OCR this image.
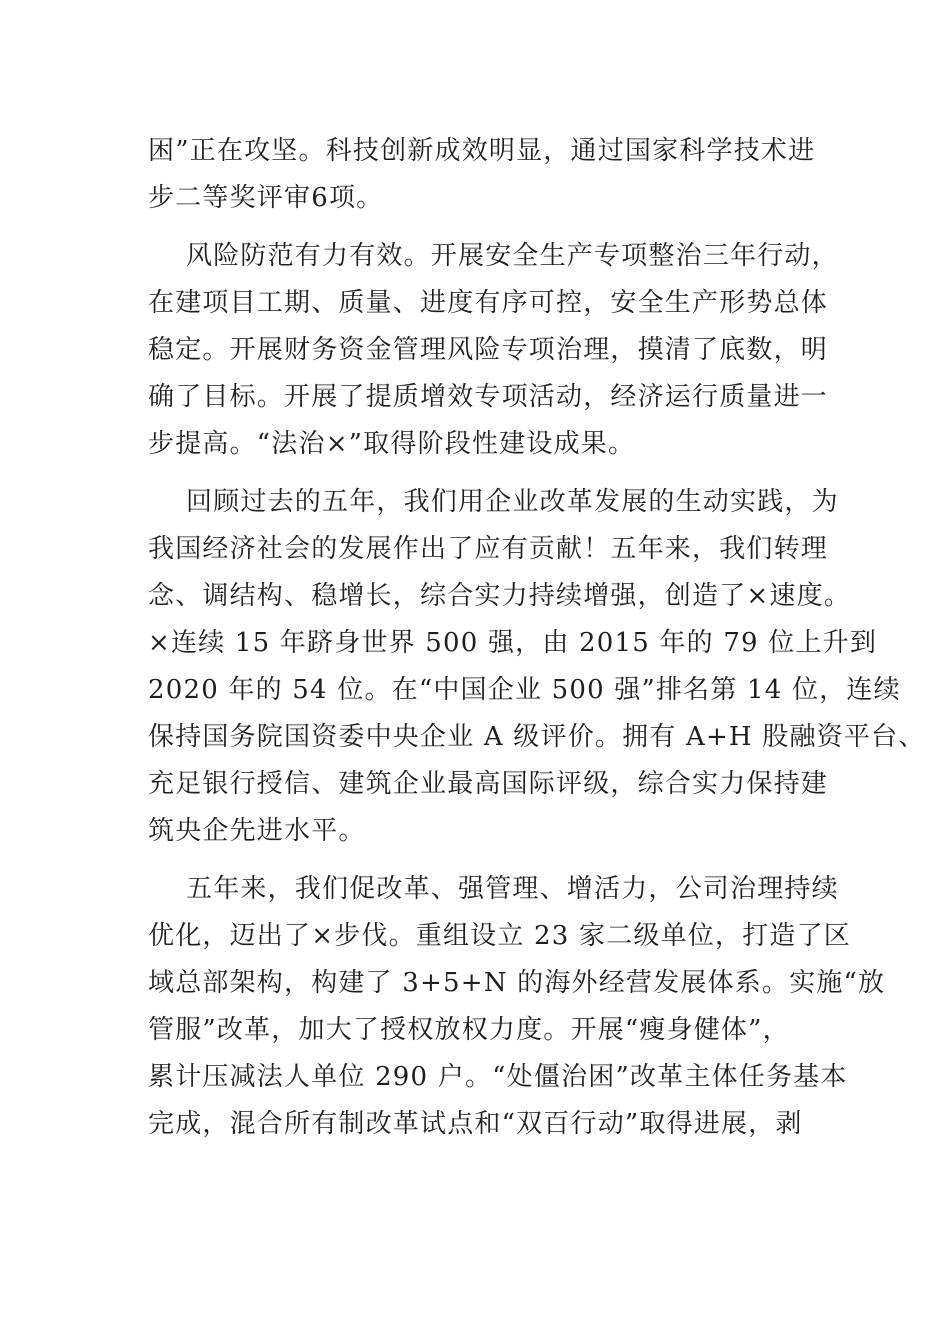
困”正在攻坚。科技创新成效明显，通过国家科学技术进
步二等奖评审6项。
风险防范有力有效。开展安全生产专项整治三年行动，
在建项目工期、质量、进度有序可控，安全生产形势总体
稳定。开展财务资金管理风险专项治理，摸清了底数，明
确了目标。开展了提质增效专项活动，经济运行质量进一
步提高。“法治×”取得阶段性建设成果。
回顾过去的五年，我们用企业改革发展的生动实践，为
我国经济社会的发展作出了应有贡献！五年来，我们转理
念、调结构、稳增长，综合实力持续增强，创造了×速度。
×连续 15 年跻身世界 500 强，由 2015 年的 79 位上升到
2020 年的 54 位。在“中国企业 500 强”排名第 14 位，连续
保持国务院国资委中央企业 A 级评价。拥有 A+H 股融资平台、
充足银行授信、建筑企业最高国际评级，综合实力保持建
筑央企先进水平。
五年来，我们促改革、强管理、增活力，公司治理持续
优化，迈出了×步伐。重组设立 23 家二级单位，打造了区
域总部架构，构建了 3+5+N 的海外经营发展体系。实施“放
管服”改革，加大了授权放权力度。开展“瘦身健体”，
累计压减法人单位 290 户。“处僵治困”改革主体任务基本
完成，混合所有制改革试点和“双百行动”取得进展，剥
